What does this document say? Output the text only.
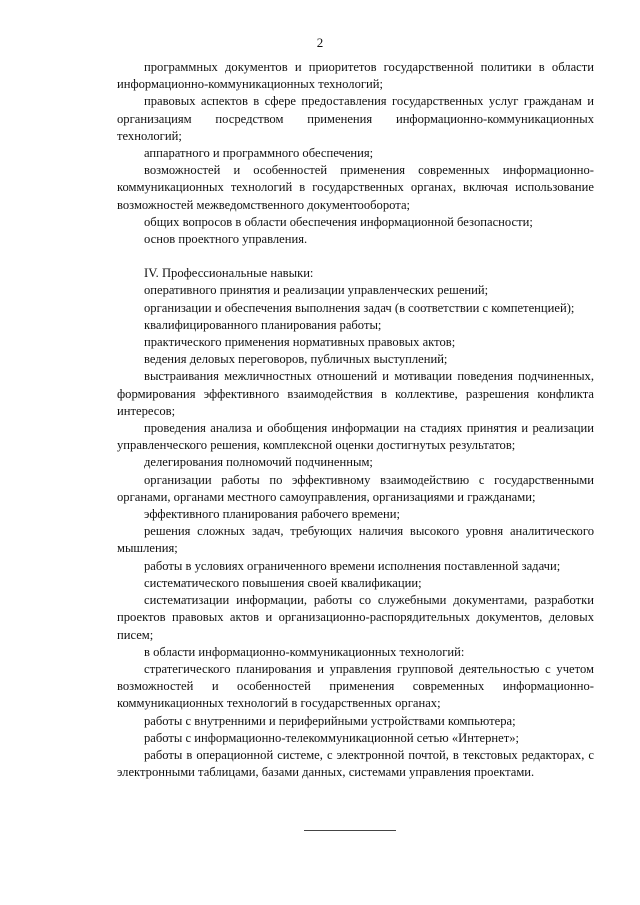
2

программных документов и приоритетов государственной политики в области информационно-коммуникационных технологий;

правовых аспектов в сфере предоставления государственных услуг гражданам и организациям посредством применения информационно-коммуникационных технологий;

аппаратного и программного обеспечения;

возможностей и особенностей применения современных информационно-коммуникационных технологий в государственных органах, включая использование возможностей межведомственного документооборота;

общих вопросов в области обеспечения информационной безопасности;

основ проектного управления.

IV. Профессиональные навыки:

оперативного принятия и реализации управленческих решений;

организации и обеспечения выполнения задач (в соответствии с компетенцией);

квалифицированного планирования работы;

практического применения нормативных правовых актов;

ведения деловых переговоров, публичных выступлений;

выстраивания межличностных отношений и мотивации поведения подчиненных, формирования эффективного взаимодействия в коллективе, разрешения конфликта интересов;

проведения анализа и обобщения информации на стадиях принятия и реализации управленческого решения, комплексной оценки достигнутых результатов;

делегирования полномочий подчиненным;

организации работы по эффективному взаимодействию с государственными органами, органами местного самоуправления, организациями и гражданами;

эффективного планирования рабочего времени;

решения сложных задач, требующих наличия высокого уровня аналитического мышления;

работы в условиях ограниченного времени исполнения поставленной задачи;

систематического повышения своей квалификации;

систематизации информации, работы со служебными документами, разработки проектов правовых актов и организационно-распорядительных документов, деловых писем;

в области информационно-коммуникационных технологий:

стратегического планирования и управления групповой деятельностью с учетом возможностей и особенностей применения современных информационно-коммуникационных технологий в государственных органах;

работы с внутренними и периферийными устройствами компьютера;

работы с информационно-телекоммуникационной сетью «Интернет»;

работы в операционной системе, с электронной почтой, в текстовых редакторах, с электронными таблицами, базами данных, системами управления проектами.
